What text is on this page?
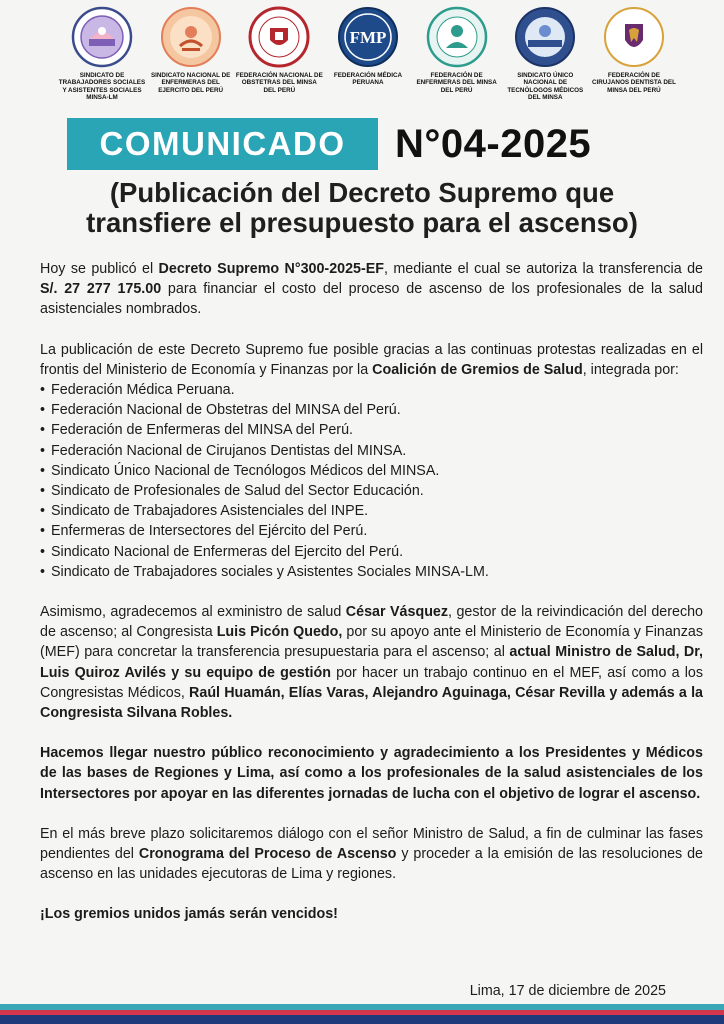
SINDICATO DE TRABAJADORES SOCIALES Y ASISTENTES SOCIALES MINSA-LM
SINDICATO NACIONAL DE ENFERMERAS DEL EJERCITO DEL PERÚ
FEDERACIÓN NACIONAL DE OBSTETRAS DEL MINSA DEL PERÚ
FMP
FEDERACIÓN MÉDICA PERUANA
FEDERACIÓN DE ENFERMERAS DEL MINSA DEL PERÚ
SINDICATO ÚNICO NACIONAL DE TECNÓLOGOS MÉDICOS DEL MINSA
FEDERACIÓN DE CIRUJANOS DENTISTA DEL MINSA DEL PERÚ
COMUNICADO	N°04-2025
(Publicación del Decreto Supremo que
transfiere el presupuesto para el ascenso)

Hoy se publicó el Decreto Supremo N°300-2025-EF, mediante el cual se autoriza la transferencia de S/. 27 277 175.00 para financiar el costo del proceso de ascenso de los profesionales de la salud asistenciales nombrados.

La publicación de este Decreto Supremo fue posible gracias a las continuas protestas realizadas en el frontis del Ministerio de Economía y Finanzas por la Coalición de Gremios de Salud, integrada por:

• Federación Médica Peruana.
• Federación Nacional de Obstetras del MINSA del Perú.
• Federación de Enfermeras del MINSA del Perú.
• Federación Nacional de Cirujanos Dentistas del MINSA.
• Sindicato Único Nacional de Tecnólogos Médicos del MINSA.
• Sindicato de Profesionales de Salud del Sector Educación.
• Sindicato de Trabajadores Asistenciales del INPE.
• Enfermeras de Intersectores del Ejército del Perú.
• Sindicato Nacional de Enfermeras del Ejercito del Perú.
• Sindicato de Trabajadores sociales y Asistentes Sociales MINSA-LM.

Asimismo, agradecemos al exministro de salud César Vásquez, gestor de la reivindicación del derecho de ascenso; al Congresista Luis Picón Quedo, por su apoyo ante el Ministerio de Economía y Finanzas (MEF) para concretar la transferencia presupuestaria para el ascenso; al actual Ministro de Salud, Dr, Luis Quiroz Avilés y su equipo de gestión por hacer un trabajo continuo en el MEF, así como a los Congresistas Médicos, Raúl Huamán, Elías Varas, Alejandro Aguinaga, César Revilla y además a la Congresista Silvana Robles.

Hacemos llegar nuestro público reconocimiento y agradecimiento a los Presidentes y Médicos de las bases de Regiones y Lima, así como a los profesionales de la salud asistenciales de los Intersectores por apoyar en las diferentes jornadas de lucha con el objetivo de lograr el ascenso.

En el más breve plazo solicitaremos diálogo con el señor Ministro de Salud, a fin de culminar las fases pendientes del Cronograma del Proceso de Ascenso y proceder a la emisión de las resoluciones de ascenso en las unidades ejecutoras de Lima y regiones.

¡Los gremios unidos jamás serán vencidos!

Lima, 17 de diciembre de 2025
